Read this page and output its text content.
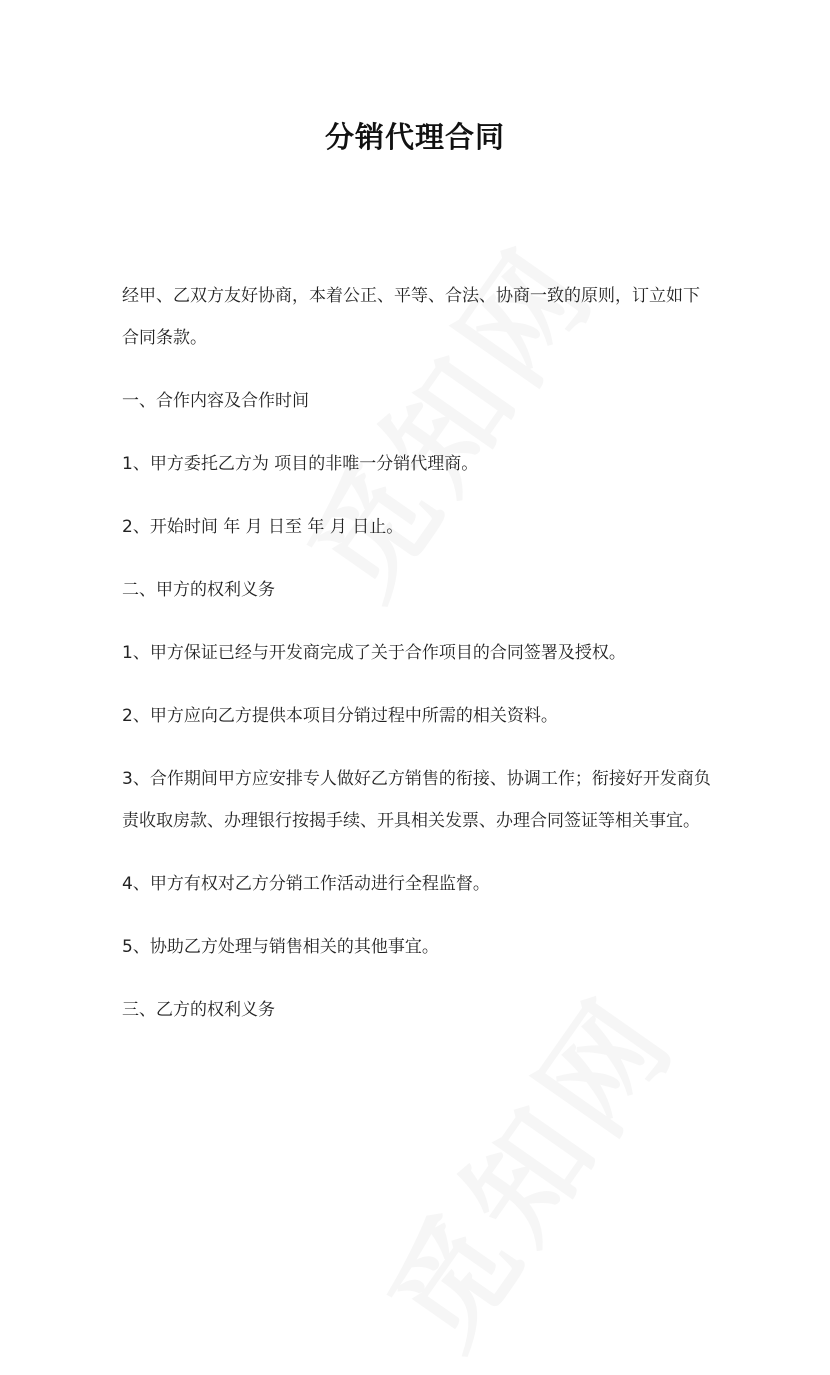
分销代理合同
经甲、乙双方友好协商，本着公正、平等、合法、协商一致的原则，订立如下
合同条款。
一、合作内容及合作时间
1、甲方委托乙方为 项目的非唯一分销代理商。
2、开始时间 年 月 日至 年 月 日止。
二、甲方的权利义务
1、甲方保证已经与开发商完成了关于合作项目的合同签署及授权。
2、甲方应向乙方提供本项目分销过程中所需的相关资料。
3、合作期间甲方应安排专人做好乙方销售的衔接、协调工作；衔接好开发商负
责收取房款、办理银行按揭手续、开具相关发票、办理合同签证等相关事宜。
4、甲方有权对乙方分销工作活动进行全程监督。
5、协助乙方处理与销售相关的其他事宜。
三、乙方的权利义务
